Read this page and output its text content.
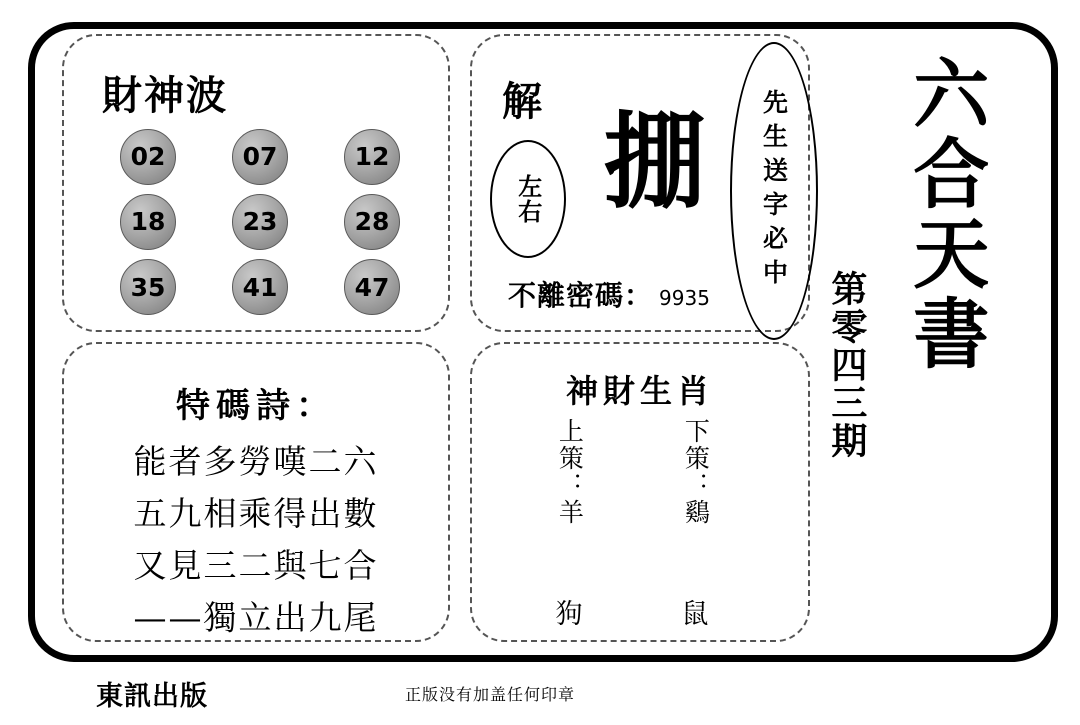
財神波
02	07	12
18	23	28
35	41	47
解
左右 掤	先生送字必中
不離密碼： 9935
特碼詩：
能者多勞嘆二六
五九相乘得出數
又見三二與七合
——獨立出九尾
神財生肖
上策：羊	下策：鷄
狗	鼠
六合天書
第零四三期
東訊出版	正版没有加盖任何印章
